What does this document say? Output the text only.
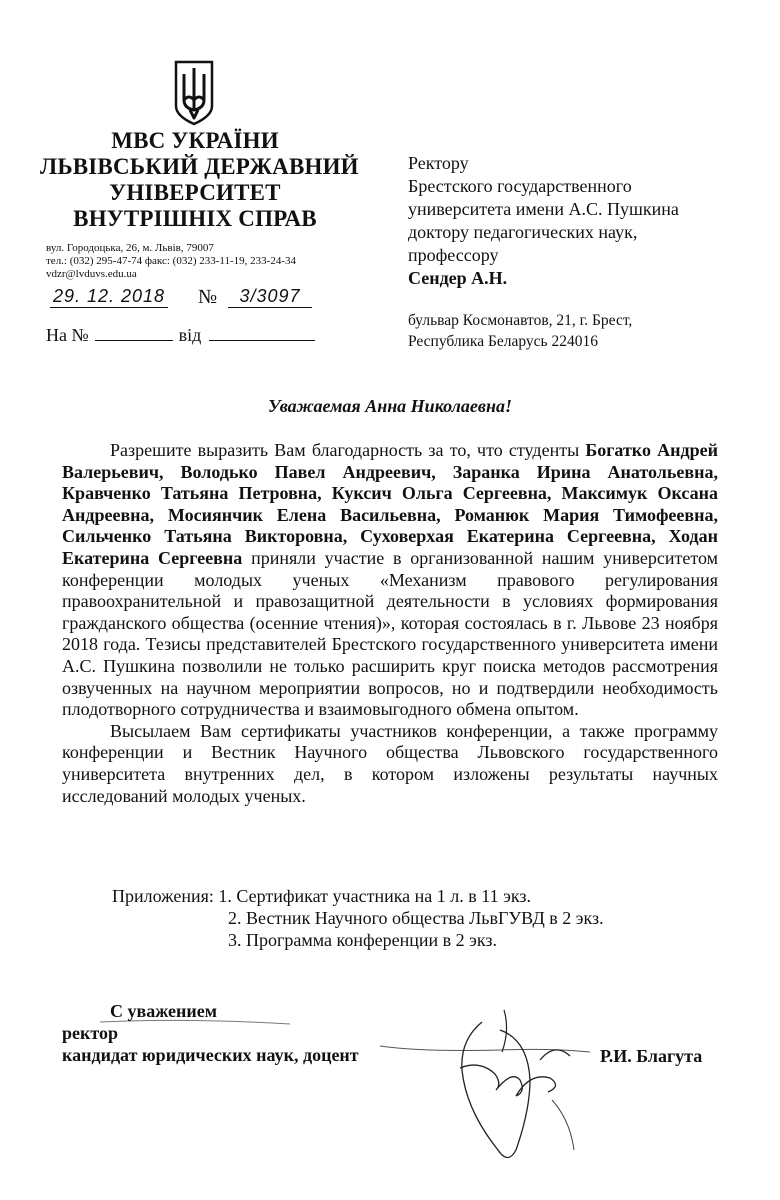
МВС УКРАЇНИ
ЛЬВІВСЬКИЙ ДЕРЖАВНИЙ
УНІВЕРСИТЕТ
ВНУТРІШНІХ СПРАВ
вул. Городоцька, 26, м. Львів, 79007
тел.: (032) 295-47-74 факс: (032) 233-11-19, 233-24-34
vdzr@lvduvs.edu.ua
29. 12. 2018 №	3/3097
На №	від
Ректору
Брестского государственного
университета имени А.С. Пушкина
доктору педагогических наук,
профессору
Сендер А.Н.
бульвар Космонавтов, 21, г. Брест,
Республика Беларусь 224016
Уважаемая Анна Николаевна!

Разрешите выразить Вам благодарность за то, что студенты Богатко Андрей Валерьевич, Володько Павел Андреевич, Заранка Ирина Анатольевна, Кравченко Татьяна Петровна, Куксич Ольга Сергеевна, Максимук Оксана Андреевна, Мосиянчик Елена Васильевна, Романюк Мария Тимофеевна, Сильченко Татьяна Викторовна, Суховерхая Екатерина Сергеевна, Ходан Екатерина Сергеевна приняли участие в организованной нашим университетом конференции молодых ученых «Механизм правового регулирования правоохранительной и правозащитной деятельности в условиях формирования гражданского общества (осенние чтения)», которая состоялась в г. Львове 23 ноября 2018 года. Тезисы представителей Брестского государственного университета имени А.С. Пушкина позволили не только расширить круг поиска методов рассмотрения озвученных на научном мероприятии вопросов, но и подтвердили необходимость плодотворного сотрудничества и взаимовыгодного обмена опытом.

Высылаем Вам сертификаты участников конференции, а также программу конференции и Вестник Научного общества Львовского государственного университета внутренних дел, в котором изложены результаты научных исследований молодых ученых.

Приложения: 1. Сертификат участника на 1 л. в 11 экз.
2. Вестник Научного общества ЛьвГУВД в 2 экз.
3. Программа конференции в 2 экз.
С уважением
ректор
кандидат юридических наук, доцент	Р.И. Благута
